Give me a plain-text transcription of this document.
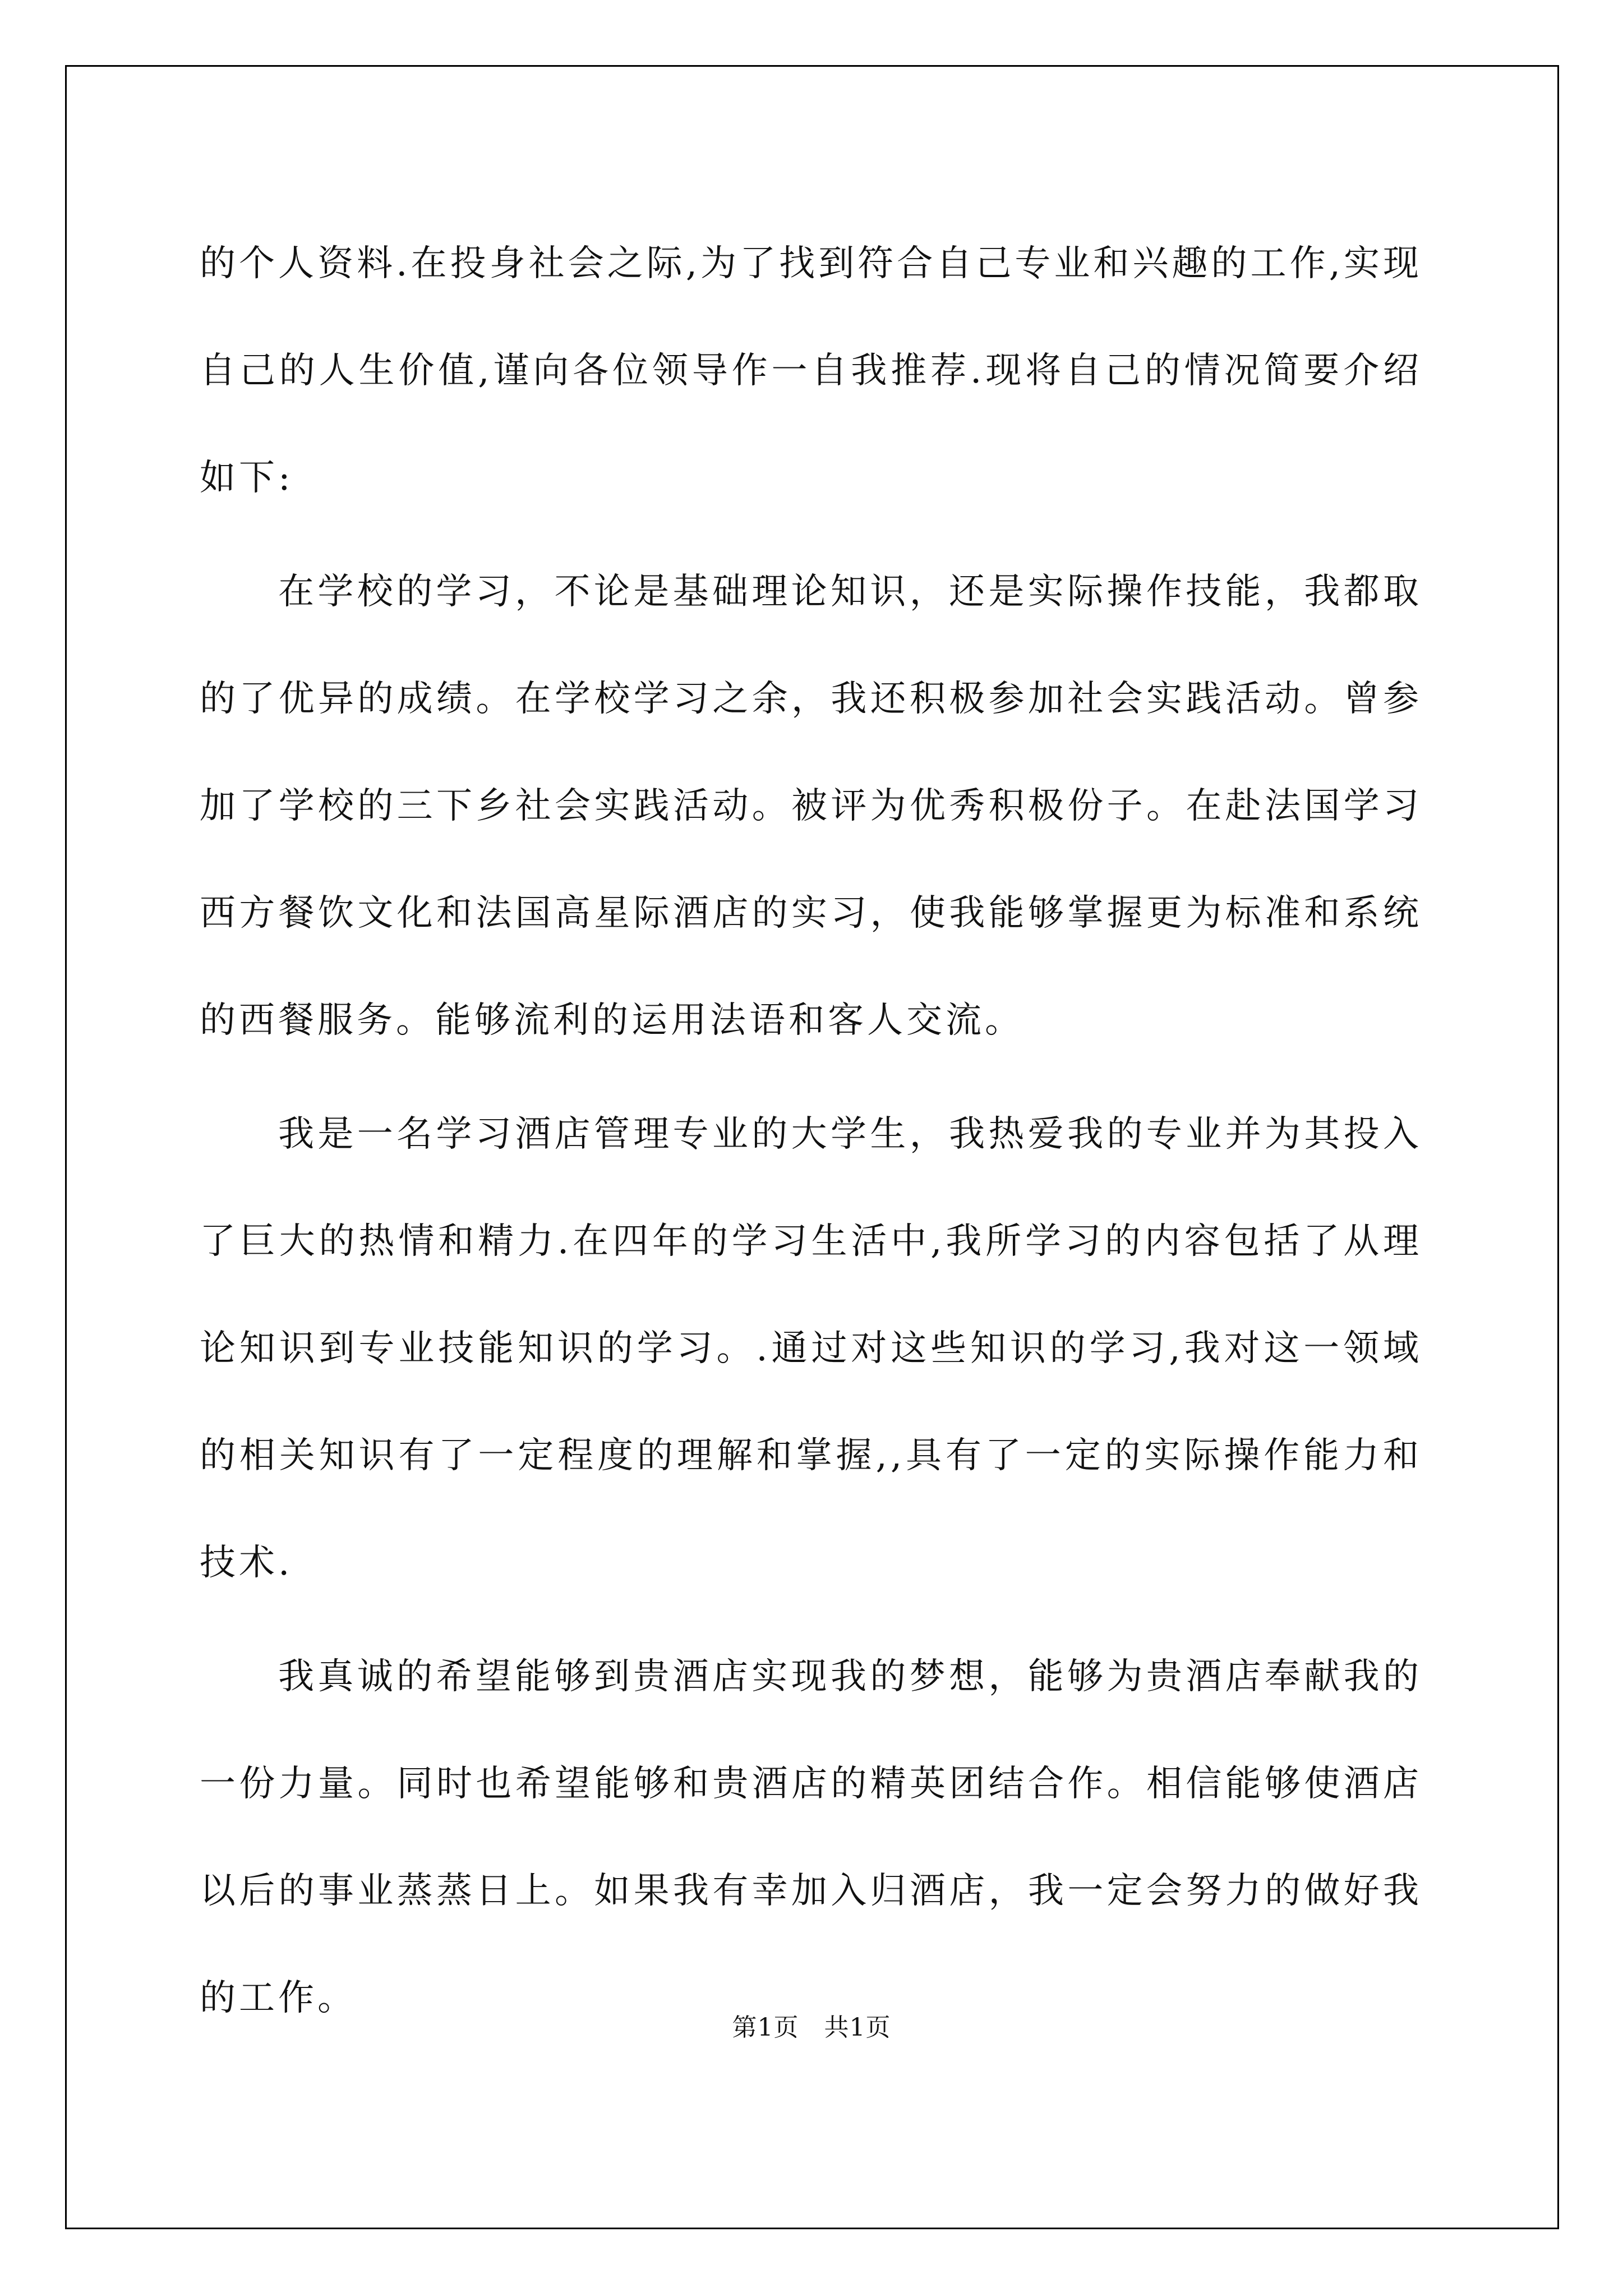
的个人资料.在投身社会之际,为了找到符合自己专业和兴趣的工作,实现自己的人生价值,谨向各位领导作一自我推荐.现将自己的情况简要介绍如下:

在学校的学习，不论是基础理论知识，还是实际操作技能，我都取的了优异的成绩。在学校学习之余，我还积极参加社会实践活动。曾参加了学校的三下乡社会实践活动。被评为优秀积极份子。在赴法国学习西方餐饮文化和法国高星际酒店的实习，使我能够掌握更为标准和系统的西餐服务。能够流利的运用法语和客人交流。

我是一名学习酒店管理专业的大学生，我热爱我的专业并为其投入了巨大的热情和精力.在四年的学习生活中,我所学习的内容包括了从理论知识到专业技能知识的学习。.通过对这些知识的学习,我对这一领域的相关知识有了一定程度的理解和掌握,,具有了一定的实际操作能力和技术.

我真诚的希望能够到贵酒店实现我的梦想，能够为贵酒店奉献我的一份力量。同时也希望能够和贵酒店的精英团结合作。相信能够使酒店以后的事业蒸蒸日上。如果我有幸加入归酒店，我一定会努力的做好我的工作。

第1页   共1页
